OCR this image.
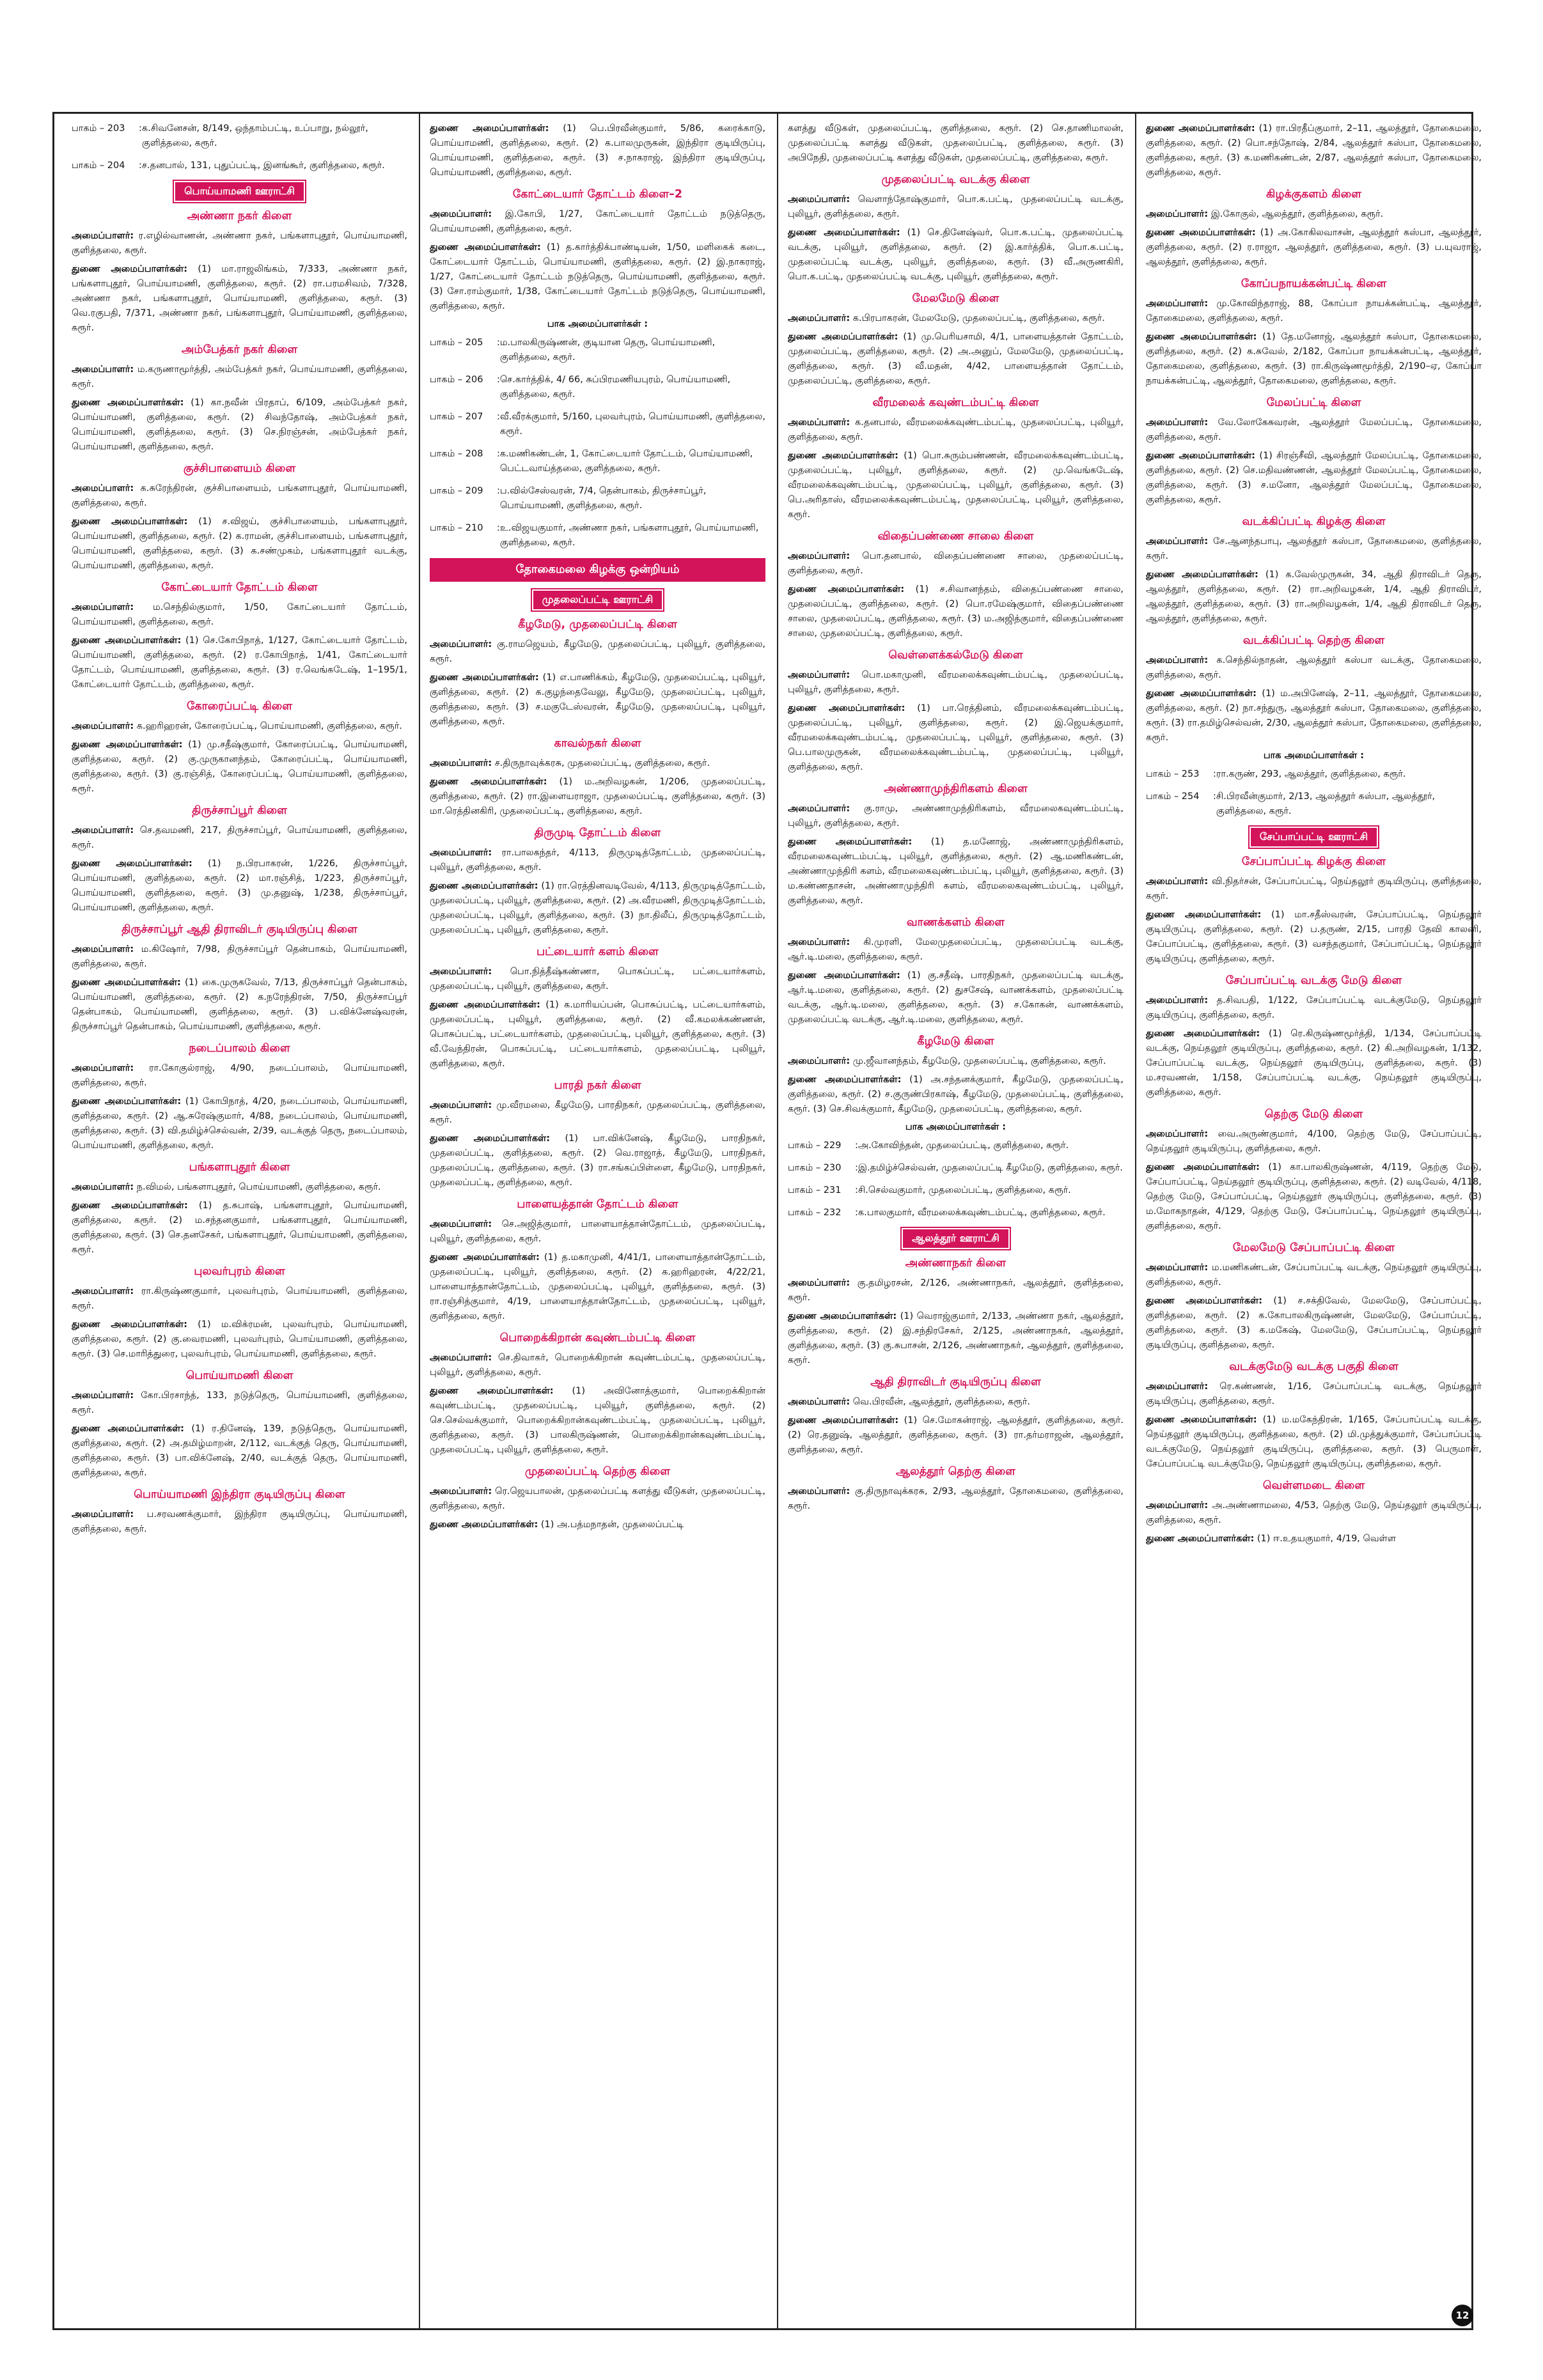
பாகம் – 203	: க.சிவனேசன், 8/149, ஒந்தாம்பட்டி, உப்பாறு, நல்லூர், குளித்தலை, கரூர்.
பாகம் – 204	: ச.தனபால், 131, புதுப்பட்டி, இனங்கூர், குளித்தலை, கரூர்.
பொய்யாமணி ஊராட்சி
அண்ணா நகர் கிளை

அமைப்பாளர்: ர.எழில்வாணன், அண்ணா நகர், பங்களாபுதூர், பொய்யாமணி, குளித்தலை, கரூர்.

துணை அமைப்பாளர்கள்: (1) மா.ராஜலிங்கம், 7/333, அண்ணா நகர், பங்களாபுதூர், பொய்யாமணி, குளித்தலை, கரூர். (2) ரா.பரமசிவம், 7/328, அண்ணா நகர், பங்களாபுதூர், பொய்யாமணி, குளித்தலை, கரூர். (3) வெ.ரகுபதி, 7/371, அண்ணா நகர், பங்களாபுதூர், பொய்யாமணி, குளித்தலை, கரூர்.

அம்பேத்கர் நகர் கிளை

அமைப்பாளர்: ம.கருணாமூர்த்தி, அம்பேத்கர் நகர், பொய்யாமணி, குளித்தலை, கரூர்.

துணை அமைப்பாளர்கள்: (1) கா.நவீன் பிரதாப், 6/109, அம்பேத்கர் நகர், பொய்யாமணி, குளித்தலை, கரூர். (2) சிவந்தோஷ், அம்பேத்கர் நகர், பொய்யாமணி, குளித்தலை, கரூர். (3) செ.நிரஞ்சன், அம்பேத்கர் நகர், பொய்யாமணி, குளித்தலை, கரூர்.

குச்சிபாளையம் கிளை

அமைப்பாளர்: க.சுரேந்திரன், குச்சிபாளையம், பங்களாபுதூர், பொய்யாமணி, குளித்தலை, கரூர்.

துணை அமைப்பாளர்கள்: (1) ச.விஜய், குச்சிபாளையம், பங்களாபுதூர், பொய்யாமணி, குளித்தலை, கரூர். (2) க.ராமன், குச்சிபாளையம், பங்களாபுதூர், பொய்யாமணி, குளித்தலை, கரூர். (3) க.சண்முகம், பங்களாபுதூர் வடக்கு, பொய்யாமணி, குளித்தலை, கரூர்.

கோட்டையார் தோட்டம் கிளை

அமைப்பாளர்: ம.செந்தில்குமார், 1/50, கோட்டையார் தோட்டம், பொய்யாமணி, குளித்தலை, கரூர்.

துணை அமைப்பாளர்கள்: (1) செ.கோபிநாத், 1/127, கோட்டையார் தோட்டம், பொய்யாமணி, குளித்தலை, கரூர். (2) ர.கோபிநாத், 1/41, கோட்டையார் தோட்டம், பொய்யாமணி, குளித்தலை, கரூர். (3) ர.வெங்கடேஷ், 1–195/1, கோட்டையார் தோட்டம், குளித்தலை, கரூர்.

கோரைப்பட்டி கிளை

அமைப்பாளர்: க.ஹரிஹரன், கோரைப்பட்டி, பொய்யாமணி, குளித்தலை, கரூர்.

துணை அமைப்பாளர்கள்: (1) மு.சதீஷ்குமார், கோரைப்பட்டி, பொய்யாமணி, குளித்தலை, கரூர். (2) கு.முருகானந்தம், கோரைப்பட்டி, பொய்யாமணி, குளித்தலை, கரூர். (3) கு.ரஞ்சித், கோரைப்பட்டி, பொய்யாமணி, குளித்தலை, கரூர்.

திருச்சாப்பூர் கிளை

அமைப்பாளர்: செ.தவமணி, 217, திருச்சாப்பூர், பொய்யாமணி, குளித்தலை, கரூர்.

துணை அமைப்பாளர்கள்: (1) ந.பிரபாகரன், 1/226, திருச்சாப்பூர், பொய்யாமணி, குளித்தலை, கரூர். (2) மா.ரஞ்சித், 1/223, திருச்சாப்பூர், பொய்யாமணி, குளித்தலை, கரூர். (3) மு.தனுஷ், 1/238, திருச்சாப்பூர், பொய்யாமணி, குளித்தலை, கரூர்.

திருச்சாப்பூர் ஆதி திராவிடர் குடியிருப்பு கிளை

அமைப்பாளர்: ம.கிஷோர், 7/98, திருச்சாப்பூர் தென்பாகம், பொய்யாமணி, குளித்தலை, கரூர்.

துணை அமைப்பாளர்கள்: (1) கை.முருகவேல், 7/13, திருச்சாப்பூர் தென்பாகம், பொய்யாமணி, குளித்தலை, கரூர். (2) க.நரேந்திரன், 7/50, திருச்சாப்பூர் தென்பாகம், பொய்யாமணி, குளித்தலை, கரூர். (3) ப.விக்னேஷ்வரன், திருச்சாப்பூர் தென்பாகம், பொய்யாமணி, குளித்தலை, கரூர்.

நடைப்பாலம் கிளை

அமைப்பாளர்: ரா.கோகுல்ராஜ், 4/90, நடைப்பாலம், பொய்யாமணி, குளித்தலை, கரூர்.

துணை அமைப்பாளர்கள்: (1) கோபிநாத், 4/20, நடைப்பாலம், பொய்யாமணி, குளித்தலை, கரூர். (2) ஆ.சுரேஷ்குமார், 4/88, நடைப்பாலம், பொய்யாமணி, குளித்தலை, கரூர். (3) வி.தமிழ்ச்செல்வன், 2/39, வடக்குத் தெரு, நடைப்பாலம், பொய்யாமணி, குளித்தலை, கரூர்.

பங்களாபுதூர் கிளை

அமைப்பாளர்: ந.விமல், பங்களாபுதூர், பொய்யாமணி, குளித்தலை, கரூர்.

துணை அமைப்பாளர்கள்: (1) த.சுபாஷ், பங்களாபுதூர், பொய்யாமணி, குளித்தலை, கரூர். (2) ம.சந்தனகுமார், பங்களாபுதூர், பொய்யாமணி, குளித்தலை, கரூர். (3) செ.தனசேகர், பங்களாபுதூர், பொய்யாமணி, குளித்தலை, கரூர்.

புலவர்புரம் கிளை

அமைப்பாளர்: ரா.கிருஷ்ணகுமார், புலவர்புரம், பொய்யாமணி, குளித்தலை, கரூர்.

துணை அமைப்பாளர்கள்: (1) ம.விக்ரமன், புலவர்புரம், பொய்யாமணி, குளித்தலை, கரூர். (2) கு.வைரமணி, புலவர்புரம், பொய்யாமணி, குளித்தலை, கரூர். (3) செ.மாரித்துரை, புலவர்புரம், பொய்யாமணி, குளித்தலை, கரூர்.

பொய்யாமணி கிளை

அமைப்பாளர்: கோ.பிரசாந்த், 133, நடுத்தெரு, பொய்யாமணி, குளித்தலை, கரூர்.

துணை அமைப்பாளர்கள்: (1) ர.தினேஷ், 139, நடுத்தெரு, பொய்யாமணி, குளித்தலை, கரூர். (2) அ.தமிழ்மாறன், 2/112, வடக்குத் தெரு, பொய்யாமணி, குளித்தலை, கரூர். (3) பா.விக்னேஷ், 2/40, வடக்குத் தெரு, பொய்யாமணி, குளித்தலை, கரூர்.

பொய்யாமணி இந்திரா குடியிருப்பு கிளை

அமைப்பாளர்: ப.சரவணக்குமார், இந்திரா குடியிருப்பு, பொய்யாமணி, குளித்தலை, கரூர்.

துணை அமைப்பாளர்கள்: (1) பெ.பிரவீன்குமார், 5/86, கரைக்காடு, பொய்யாமணி, குளித்தலை, கரூர். (2) க.பாலமுருகன், இந்திரா குடியிருப்பு, பொய்யாமணி, குளித்தலை, கரூர். (3) ச.நாகராஜ், இந்திரா குடியிருப்பு, பொய்யாமணி, குளித்தலை, கரூர்.

கோட்டையார் தோட்டம் கிளை–2

அமைப்பாளர்: இ.கோபி, 1/27, கோட்டையார் தோட்டம் நடுத்தெரு, பொய்யாமணி, குளித்தலை, கரூர்.

துணை அமைப்பாளர்கள்: (1) த.கார்த்திக்பாண்டியன், 1/50, மளிகைக் கடை, கோட்டையார் தோட்டம், பொய்யாமணி, குளித்தலை, கரூர். (2) இ.நாகராஜ், 1/27, கோட்டையார் தோட்டம் நடுத்தெரு, பொய்யாமணி, குளித்தலை, கரூர். (3) சோ.ராம்குமார், 1/38, கோட்டையார் தோட்டம் நடுத்தெரு, பொய்யாமணி, குளித்தலை, கரூர்.

பாக அமைப்பாளர்கள் :
பாகம் – 205	: ம.பாலகிருஷ்ணன், குடியான தெரு, பொய்யாமணி, குளித்தலை, கரூர்.
பாகம் – 206	: செ.கார்த்திக், 4/ 66, சுப்பிரமணியபுரம், பொய்யாமணி, குளித்தலை, கரூர்.
பாகம் – 207	: வீ.வீரக்குமார், 5/160, புலவர்புரம், பொய்யாமணி, குளித்தலை, கரூர்.
பாகம் – 208	: க.மணிகண்டன், 1, கோட்டையார் தோட்டம், பொய்யாமணி, பெட்டவாய்த்தலை, குளித்தலை, கரூர்.
பாகம் – 209	: ப.வில்சேஸ்வரன், 7/4, தென்பாகம், திருச்சாப்பூர், பொய்யாமணி, குளித்தலை, கரூர்.
பாகம் – 210	: உ.விஜயகுமார், அண்ணா நகர், பங்களாபுதூர், பொய்யாமணி, குளித்தலை, கரூர்.
தோகைமலை கிழக்கு ஒன்றியம்
முதலைப்பட்டி ஊராட்சி
கீழமேடு, முதலைப்பட்டி கிளை

அமைப்பாளர்: கு.ராமஜெயம், கீழமேடு, முதலைப்பட்டி, புலியூர், குளித்தலை, கரூர்.

துணை அமைப்பாளர்கள்: (1) எ.பாணிக்கம், கீழமேடு, முதலைப்பட்டி, புலியூர், குளித்தலை, கரூர். (2) க.குழந்தைவேலு, கீழமேடு, முதலைப்பட்டி, புலியூர், குளித்தலை, கரூர். (3) ச.மகுடேஸ்வரன், கீழமேடு, முதலைப்பட்டி, புலியூர், குளித்தலை, கரூர்.

காவல்நகர் கிளை

அமைப்பாளர்: ச.திருநாவுக்கரசு, முதலைப்பட்டி, குளித்தலை, கரூர்.

துணை அமைப்பாளர்கள்: (1) ம.அறிவழகன், 1/206, முதலைப்பட்டி, குளித்தலை, கரூர். (2) ரா.இளையராஜா, முதலைப்பட்டி, குளித்தலை, கரூர். (3) மா.ரெத்தினகிரி, முதலைப்பட்டி, குளித்தலை, கரூர்.

திருமுடி தோட்டம் கிளை

அமைப்பாளர்: ரா.பாலகந்தர், 4/113, திருமுடித்தோட்டம், முதலைப்பட்டி, புலியூர், குளித்தலை, கரூர்.

துணை அமைப்பாளர்கள்: (1) ரா.ரெத்தினவடிவேல், 4/113, திருமுடித்தோட்டம், முதலைப்பட்டி, புலியூர், குளித்தலை, கரூர். (2) அ.வீரமணி, திருமுடித்தோட்டம், முதலைப்பட்டி, புலியூர், குளித்தலை, கரூர். (3) நா.திலீப், திருமுடித்தோட்டம், முதலைப்பட்டி, புலியூர், குளித்தலை, கரூர்.

பட்டையார் களம் கிளை

அமைப்பாளர்: பொ.நித்தீஷ்கண்ணா, பொசுப்பட்டி, பட்டையார்களம், முதலைப்பட்டி, புலியூர், குளித்தலை, கரூர்.

துணை அமைப்பாளர்கள்: (1) க.மாரியப்பன், பொசுப்பட்டி, பட்டையார்களம், முதலைப்பட்டி, புலியூர், குளித்தலை, கரூர். (2) வீ.கமலக்கண்ணன், பொசுப்பட்டி, பட்டையார்களம், முதலைப்பட்டி, புலியூர், குளித்தலை, கரூர். (3) வீ.வேந்திரன், பொசுப்பட்டி, பட்டையார்களம், முதலைப்பட்டி, புலியூர், குளித்தலை, கரூர்.

பாரதி நகர் கிளை

அமைப்பாளர்: மு.வீரமலை, கீழமேடு, பாரதிநகர், முதலைப்பட்டி, குளித்தலை, கரூர்.

துணை அமைப்பாளர்கள்: (1) பா.விக்னேஷ், கீழமேடு, பாரதிநகர், முதலைப்பட்டி, குளித்தலை, கரூர். (2) வெ.ராஜாத், கீழமேடு, பாரதிநகர், முதலைப்பட்டி, குளித்தலை, கரூர். (3) ரா.சங்கப்பிள்ளை, கீழமேடு, பாரதிநகர், முதலைப்பட்டி, குளித்தலை, கரூர்.

பாளையத்தான் தோட்டம் கிளை

அமைப்பாளர்: செ.அஜித்குமார், பாளையாத்தான்தோட்டம், முதலைப்பட்டி, புலியூர், குளித்தலை, கரூர்.

துணை அமைப்பாளர்கள்: (1) த.மகாமுனி, 4/41/1, பாளையாத்தான்தோட்டம், முதலைப்பட்டி, புலியூர், குளித்தலை, கரூர். (2) க.ஹரிஹரன், 4/22/21, பாளையாத்தான்தோட்டம், முதலைப்பட்டி, புலியூர், குளித்தலை, கரூர். (3) ரா.ரஞ்சித்குமார், 4/19, பாளையாத்தான்தோட்டம், முதலைப்பட்டி, புலியூர், குளித்தலை, கரூர்.

பொறைக்கிறான் கவுண்டம்பட்டி கிளை

அமைப்பாளர்: செ.திவாகர், பொறைக்கிறான் கவுண்டம்பட்டி, முதலைப்பட்டி, புலியூர், குளித்தலை, கரூர்.

துணை அமைப்பாளர்கள்: (1) அவினோத்குமார், பொறைக்கிறான் கவுண்டம்பட்டி, முதலைப்பட்டி, புலியூர், குளித்தலை, கரூர். (2) செ.செல்வக்குமார், பொறைக்கிறான்கவுண்டம்பட்டி, முதலைப்பட்டி, புலியூர், குளித்தலை, கரூர். (3) பாலகிருஷ்ணன், பொறைக்கிறான்கவுண்டம்பட்டி, முதலைப்பட்டி, புலியூர், குளித்தலை, கரூர்.

முதலைப்பட்டி தெற்கு கிளை

அமைப்பாளர்: ரெ.ஜெயபாலன், முதலைப்பட்டி களத்து வீடுகள், முதலைப்பட்டி, குளித்தலை, கரூர்.

துணை அமைப்பாளர்கள்: (1) அ.பத்மநாதன், முதலைப்பட்டி

களத்து வீடுகள், முதலைப்பட்டி, குளித்தலை, கரூர். (2) செ.தாணிமாலன், முதலைப்பட்டி களத்து வீடுகள், முதலைப்பட்டி, குளித்தலை, கரூர். (3) அபிநேதி, முதலைப்பட்டி களத்து வீடுகள், முதலைப்பட்டி, குளித்தலை, கரூர்.

முதலைப்பட்டி வடக்கு கிளை

அமைப்பாளர்: வெளாந்தோஷ்குமார், பொ.க.பட்டி, முதலைப்பட்டி வடக்கு, புலியூர், குளித்தலை, கரூர்.

துணை அமைப்பாளர்கள்: (1) செ.தினேஷ்வர், பொ.க.பட்டி, முதலைப்பட்டி வடக்கு, புலியூர், குளித்தலை, கரூர். (2) இ.கார்த்திக், பொ.க.பட்டி, முதலைப்பட்டி வடக்கு, புலியூர், குளித்தலை, கரூர். (3) வீ.அருணகிரி, பொ.க.பட்டி, முதலைப்பட்டி வடக்கு, புலியூர், குளித்தலை, கரூர்.

மேலமேடு கிளை

அமைப்பாளர்: க.பிரபாகரன், மேலமேடு, முதலைப்பட்டி, குளித்தலை, கரூர்.

துணை அமைப்பாளர்கள்: (1) மு.பெரியசாமி, 4/1, பாளையத்தான் தோட்டம், முதலைப்பட்டி, குளித்தலை, கரூர். (2) அ.அனுப், மேலமேடு, முதலைப்பட்டி, குளித்தலை, கரூர். (3) வீ.மதன், 4/42, பாளையத்தான் தோட்டம், முதலைப்பட்டி, குளித்தலை, கரூர்.

வீரமலைக் கவுண்டம்பட்டி கிளை

அமைப்பாளர்: க.தனபால், வீரமலைக்கவுண்டம்பட்டி, முதலைப்பட்டி, புலியூர், குளித்தலை, கரூர்.

துணை அமைப்பாளர்கள்: (1) பொ.சுரும்பண்ணன், வீரமலைக்கவுண்டம்பட்டி, முதலைப்பட்டி, புலியூர், குளித்தலை, கரூர். (2) மு.வெங்கடேஷ், வீரமலைக்கவுண்டம்பட்டி, முதலைப்பட்டி, புலியூர், குளித்தலை, கரூர். (3) பெ.அரிதாஸ், வீரமலைக்கவுண்டம்பட்டி, முதலைப்பட்டி, புலியூர், குளித்தலை, கரூர்.

விதைப்பண்ணை சாலை கிளை

அமைப்பாளர்: பொ.தனபால், விதைப்பண்ணை சாலை, முதலைப்பட்டி, குளித்தலை, கரூர்.

துணை அமைப்பாளர்கள்: (1) ச.சிவானந்தம், விதைப்பண்ணை சாலை, முதலைப்பட்டி, குளித்தலை, கரூர். (2) பொ.ரமேஷ்குமார், விதைப்பண்ணை சாலை, முதலைப்பட்டி, குளித்தலை, கரூர். (3) ம.அஜித்குமார், விதைப்பண்ணை சாலை, முதலைப்பட்டி, குளித்தலை, கரூர்.

வெள்ளைக்கல்மேடு கிளை

அமைப்பாளர்: பொ.மகாமுனி, வீரமலைக்கவுண்டம்பட்டி, முதலைப்பட்டி, புலியூர், குளித்தலை, கரூர்.

துணை அமைப்பாளர்கள்: (1) பா.ரெத்தினம், வீரமலைக்கவுண்டம்பட்டி, முதலைப்பட்டி, புலியூர், குளித்தலை, கரூர். (2) இ.ஜெயக்குமார், வீரமலைக்கவுண்டம்பட்டி, முதலைப்பட்டி, புலியூர், குளித்தலை, கரூர். (3) பெ.பாலமுருகன், வீரமலைக்கவுண்டம்பட்டி, முதலைப்பட்டி, புலியூர், குளித்தலை, கரூர்.

அண்ணாமுந்திரிகளம் கிளை

அமைப்பாளர்: கு.ராமு, அண்ணாமுந்திரிகளம், வீரமலைகவுண்டம்பட்டி, புலியூர், குளித்தலை, கரூர்.

துணை அமைப்பாளர்கள்: (1) த.மனோஜ், அண்ணாமுந்திரிகளம், வீரமலைகவுண்டம்பட்டி, புலியூர், குளித்தலை, கரூர். (2) ஆ.மணிகண்டன், அண்ணாமுந்திரி களம், வீரமலைகவுண்டம்பட்டி, புலியூர், குளித்தலை, கரூர். (3) ம.கண்ணதாசன், அண்ணாமுந்திரி களம், வீரமலைகவுண்டம்பட்டி, புலியூர், குளித்தலை, கரூர்.

வாணக்களம் கிளை

அமைப்பாளர்: கி.முரளி, மேலமுதலைப்பட்டி, முதலைப்பட்டி வடக்கு, ஆர்.டி.மலை, குளித்தலை, கரூர்.

துணை அமைப்பாளர்கள்: (1) கு.சதீஷ், பாரதிநகர், முதலைப்பட்டி வடக்கு, ஆர்.டி.மலை, குளித்தலை, கரூர். (2) துசசேஷ், வாணக்களம், முதலைப்பட்டி வடக்கு, ஆர்.டி.மலை, குளித்தலை, கரூர். (3) ச.கோகன், வாணக்களம், முதலைப்பட்டி வடக்கு, ஆர்.டி.மலை, குளித்தலை, கரூர்.

கீழமேடு கிளை

அமைப்பாளர்: மு.ஜீவானந்தம், கீழமேடு, முதலைப்பட்டி, குளித்தலை, கரூர்.

துணை அமைப்பாளர்கள்: (1) அ.சந்தனக்குமார், கீழமேடு, முதலைப்பட்டி, குளித்தலை, கரூர். (2) ச.குருண்பிரகாஷ், கீழமேடு, முதலைப்பட்டி, குளித்தலை, கரூர். (3) செ.சிவக்குமார், கீழமேடு, முதலைப்பட்டி, குளித்தலை, கரூர்.

பாக அமைப்பாளர்கள் :
பாகம் – 229	: அ.கோவிந்தன், முதலைப்பட்டி, குளித்தலை, கரூர்.
பாகம் – 230	: இ.தமிழ்ச்செல்வன், முதலைப்பட்டி கீழமேடு, குளித்தலை, கரூர்.
பாகம் – 231	: சி.செல்வகுமார், முதலைப்பட்டி, குளித்தலை, கரூர்.
பாகம் – 232	: க.பாலகுமார், வீரமலைக்கவுண்டம்பட்டி, குளித்தலை, கரூர்.
ஆலத்தூர் ஊராட்சி
அண்ணாநகர் கிளை

அமைப்பாளர்: கு.தமிழரசன், 2/126, அண்ணாநகர், ஆலத்தூர், குளித்தலை, கரூர்.

துணை அமைப்பாளர்கள்: (1) வெராஜ்குமார், 2/133, அண்ணா நகர், ஆலத்தூர், குளித்தலை, கரூர். (2) இ.சந்திரசேகர், 2/125, அண்ணாநகர், ஆலத்தூர், குளித்தலை, கரூர். (3) கு.சுபாசன், 2/126, அண்ணாநகர், ஆலத்தூர், குளித்தலை, கரூர்.

ஆதி திராவிடர் குடியிருப்பு கிளை

அமைப்பாளர்: வெ.பிரவீன், ஆலத்தூர், குளித்தலை, கரூர்.

துணை அமைப்பாளர்கள்: (1) செ.மோகன்ராஜ், ஆலத்தூர், குளித்தலை, கரூர். (2) ரெ.தனுஷ், ஆலத்தூர், குளித்தலை, கரூர். (3) ரா.தர்மராஜன், ஆலத்தூர், குளித்தலை, கரூர்.

ஆலத்தூர் தெற்கு கிளை

அமைப்பாளர்: கு.திருநாவுக்கரசு, 2/93, ஆலத்தூர், தோகைமலை, குளித்தலை, கரூர்.

துணை அமைப்பாளர்கள்: (1) ரா.பிரதீப்குமார், 2–11, ஆலத்தூர், தோகைமலை, குளித்தலை, கரூர். (2) பொ.சந்தோஷ், 2/84, ஆலத்தூர் கஸ்பா, தோகைமலை, குளித்தலை, கரூர். (3) க.மணிகண்டன், 2/87, ஆலத்தூர் கஸ்பா, தோகைமலை, குளித்தலை, கரூர்.

கிழக்குகளம் கிளை

அமைப்பாளர்: இ.கோகுல், ஆலத்தூர், குளித்தலை, கரூர்.

துணை அமைப்பாளர்கள்: (1) அ.கோகிலவாசன், ஆலத்தூர் கஸ்பா, ஆலத்தூர், குளித்தலை, கரூர். (2) ர.ராஜா, ஆலத்தூர், குளித்தலை, கரூர். (3) ப.யுவராஜ், ஆலத்தூர், குளித்தலை, கரூர்.

கோப்பநாயக்கன்பட்டி கிளை

அமைப்பாளர்: மு.கோவிந்தராஜ், 88, கோப்பா நாயக்கன்பட்டி, ஆலத்தூர், தோகைமலை, குளித்தலை, கரூர்.

துணை அமைப்பாளர்கள்: (1) தே.மனோஜ், ஆலத்தூர் கஸ்பா, தோகைமலை, குளித்தலை, கரூர். (2) க.சுவேல், 2/182, கோப்பா நாயக்கன்பட்டி, ஆலத்தூர், தோகைமலை, குளித்தலை, கரூர். (3) ரா.கிருஷ்ணமூர்த்தி, 2/190–ஏ, கோப்பா நாயக்கன்பட்டி, ஆலத்தூர், தோகைமலை, குளித்தலை, கரூர்.

மேலப்பட்டி கிளை

அமைப்பாளர்: வே.லோகேசுவரன், ஆலத்தூர் மேலப்பட்டி, தோகைமலை, குளித்தலை, கரூர்.

துணை அமைப்பாளர்கள்: (1) சிரஞ்சீவி, ஆலத்தூர் மேலப்பட்டி, தோகைமலை, குளித்தலை, கரூர். (2) செ.மதிவண்ணன், ஆலத்தூர் மேலப்பட்டி, தோகைமலை, குளித்தலை, கரூர். (3) ச.மனோ, ஆலத்தூர் மேலப்பட்டி, தோகைமலை, குளித்தலை, கரூர்.

வடக்கிப்பட்டி கிழக்கு கிளை

அமைப்பாளர்: சே.ஆனந்தபாபு, ஆலத்தூர் கஸ்பா, தோகைமலை, குளித்தலை, கரூர்.

துணை அமைப்பாளர்கள்: (1) க.வேல்முருகன், 34, ஆதி திராவிடர் தெரு, ஆலத்தூர், குளித்தலை, கரூர். (2) ரா.அறிவழகன், 1/4, ஆதி திராவிடர், ஆலத்தூர், குளித்தலை, கரூர். (3) ரா.அறிவழகன், 1/4, ஆதி திராவிடர் தெரு, ஆலத்தூர், குளித்தலை, கரூர்.

வடக்கிப்பட்டி தெற்கு கிளை

அமைப்பாளர்: க.செந்தில்நாதன், ஆலத்தூர் கஸ்பா வடக்கு, தோகைமலை, குளித்தலை, கரூர்.

துணை அமைப்பாளர்கள்: (1) ம.அபினேஷ், 2–11, ஆலத்தூர், தோகைமலை, குளித்தலை, கரூர். (2) நா.சந்துரு, ஆலத்தூர் கஸ்பா, தோகைமலை, குளித்தலை, கரூர். (3) ரா.தமிழ்செல்வன், 2/30, ஆலத்தூர் கஸ்பா, தோகைமலை, குளித்தலை, கரூர்.

பாக அமைப்பாளர்கள் :
பாகம் – 253	: ரா.கருண், 293, ஆலத்தூர், குளித்தலை, கரூர்.
பாகம் – 254	: சி.பிரவீன்குமார், 2/13, ஆலத்தூர் கஸ்பா, ஆலத்தூர், குளித்தலை, கரூர்.
சேப்பாப்பட்டி ஊராட்சி
சேப்பாப்பட்டி கிழக்கு கிளை

அமைப்பாளர்: வி.நிதர்சன், சேப்பாப்பட்டி, நெய்தலூர் குடியிருப்பு, குளித்தலை, கரூர்.

துணை அமைப்பாளர்கள்: (1) மா.சதீஸ்வரன், சேப்பாப்பட்டி, நெய்தலூர் குடியிருப்பு, குளித்தலை, கரூர். (2) ப.தருண், 2/15, பாரதி தேவி காலனி, சேப்பாப்பட்டி, குளித்தலை, கரூர். (3) வசந்தகுமார், சேப்பாப்பட்டி, நெய்தலூர் குடியிருப்பு, குளித்தலை, கரூர்.

சேப்பாப்பட்டி வடக்கு மேடு கிளை

அமைப்பாளர்: த.சிவபதி, 1/122, சேப்பாப்பட்டி வடக்குமேடு, நெய்தலூர் குடியிருப்பு, குளித்தலை, கரூர்.

துணை அமைப்பாளர்கள்: (1) ரெ.கிருஷ்ணமூர்த்தி, 1/134, சேப்பாப்பட்டி வடக்கு, நெய்தலூர் குடியிருப்பு, குளித்தலை, கரூர். (2) கி.அறிவழகன், 1/132, சேப்பாப்பட்டி வடக்கு, நெய்தலூர் குடியிருப்பு, குளித்தலை, கரூர். (3) ம.சரவணன், 1/158, சேப்பாப்பட்டி வடக்கு, நெய்தலூர் குடியிருப்பு, குளித்தலை, கரூர்.

தெற்கு மேடு கிளை

அமைப்பாளர்: வை.அருண்குமார், 4/100, தெற்கு மேடு, சேப்பாப்பட்டி, நெய்தலூர் குடியிருப்பு, குளித்தலை, கரூர்.

துணை அமைப்பாளர்கள்: (1) கா.பாலகிருஷ்ணன், 4/119, தெற்கு மேடு, சேப்பாப்பட்டி, நெய்தலூர் குடியிருப்பு, குளித்தலை, கரூர். (2) வடிவேல், 4/118, தெற்கு மேடு, சேப்பாப்பட்டி, நெய்தலூர் குடியிருப்பு, குளித்தலை, கரூர். (3) ம.மோகநாதன், 4/129, தெற்கு மேடு, சேப்பாப்பட்டி, நெய்தலூர் குடியிருப்பு, குளித்தலை, கரூர்.

மேலமேடு சேப்பாப்பட்டி கிளை

அமைப்பாளர்: ம.மணிகண்டன், சேப்பாப்பட்டி வடக்கு, நெய்தலூர் குடியிருப்பு, குளித்தலை, கரூர்.

துணை அமைப்பாளர்கள்: (1) ச.சக்திவேல், மேலமேடு, சேப்பாப்பட்டி, குளித்தலை, கரூர். (2) க.கோபாலகிருஷ்ணன், மேலமேடு, சேப்பாப்பட்டி, குளித்தலை, கரூர். (3) க.மகேஷ், மேலமேடு, சேப்பாப்பட்டி, நெய்தலூர் குடியிருப்பு, குளித்தலை, கரூர்.

வடக்குமேடு வடக்கு பகுதி கிளை

அமைப்பாளர்: ரெ.கண்ணன், 1/16, சேப்பாப்பட்டி வடக்கு, நெய்தலூர் குடியிருப்பு, குளித்தலை, கரூர்.

துணை அமைப்பாளர்கள்: (1) ம.மகேந்திரன், 1/165, சேப்பாப்பட்டி வடக்கு, நெய்தலூர் குடியிருப்பு, குளித்தலை, கரூர். (2) மி.முத்துக்குமார், சேப்பாப்பட்டி வடக்குமேடு, நெய்தலூர் குடியிருப்பு, குளித்தலை, கரூர். (3) பெருமாள், சேப்பாப்பட்டி வடக்குமேடு, நெய்தலூர் குடியிருப்பு, குளித்தலை, கரூர்.

வெள்ளமடை கிளை

அமைப்பாளர்: அ.அண்ணாமலை, 4/53, தெற்கு மேடு, நெய்தலூர் குடியிருப்பு, குளித்தலை, கரூர்.

துணை அமைப்பாளர்கள்: (1) ஈ.உதயகுமார், 4/19, வெள்ள

12
